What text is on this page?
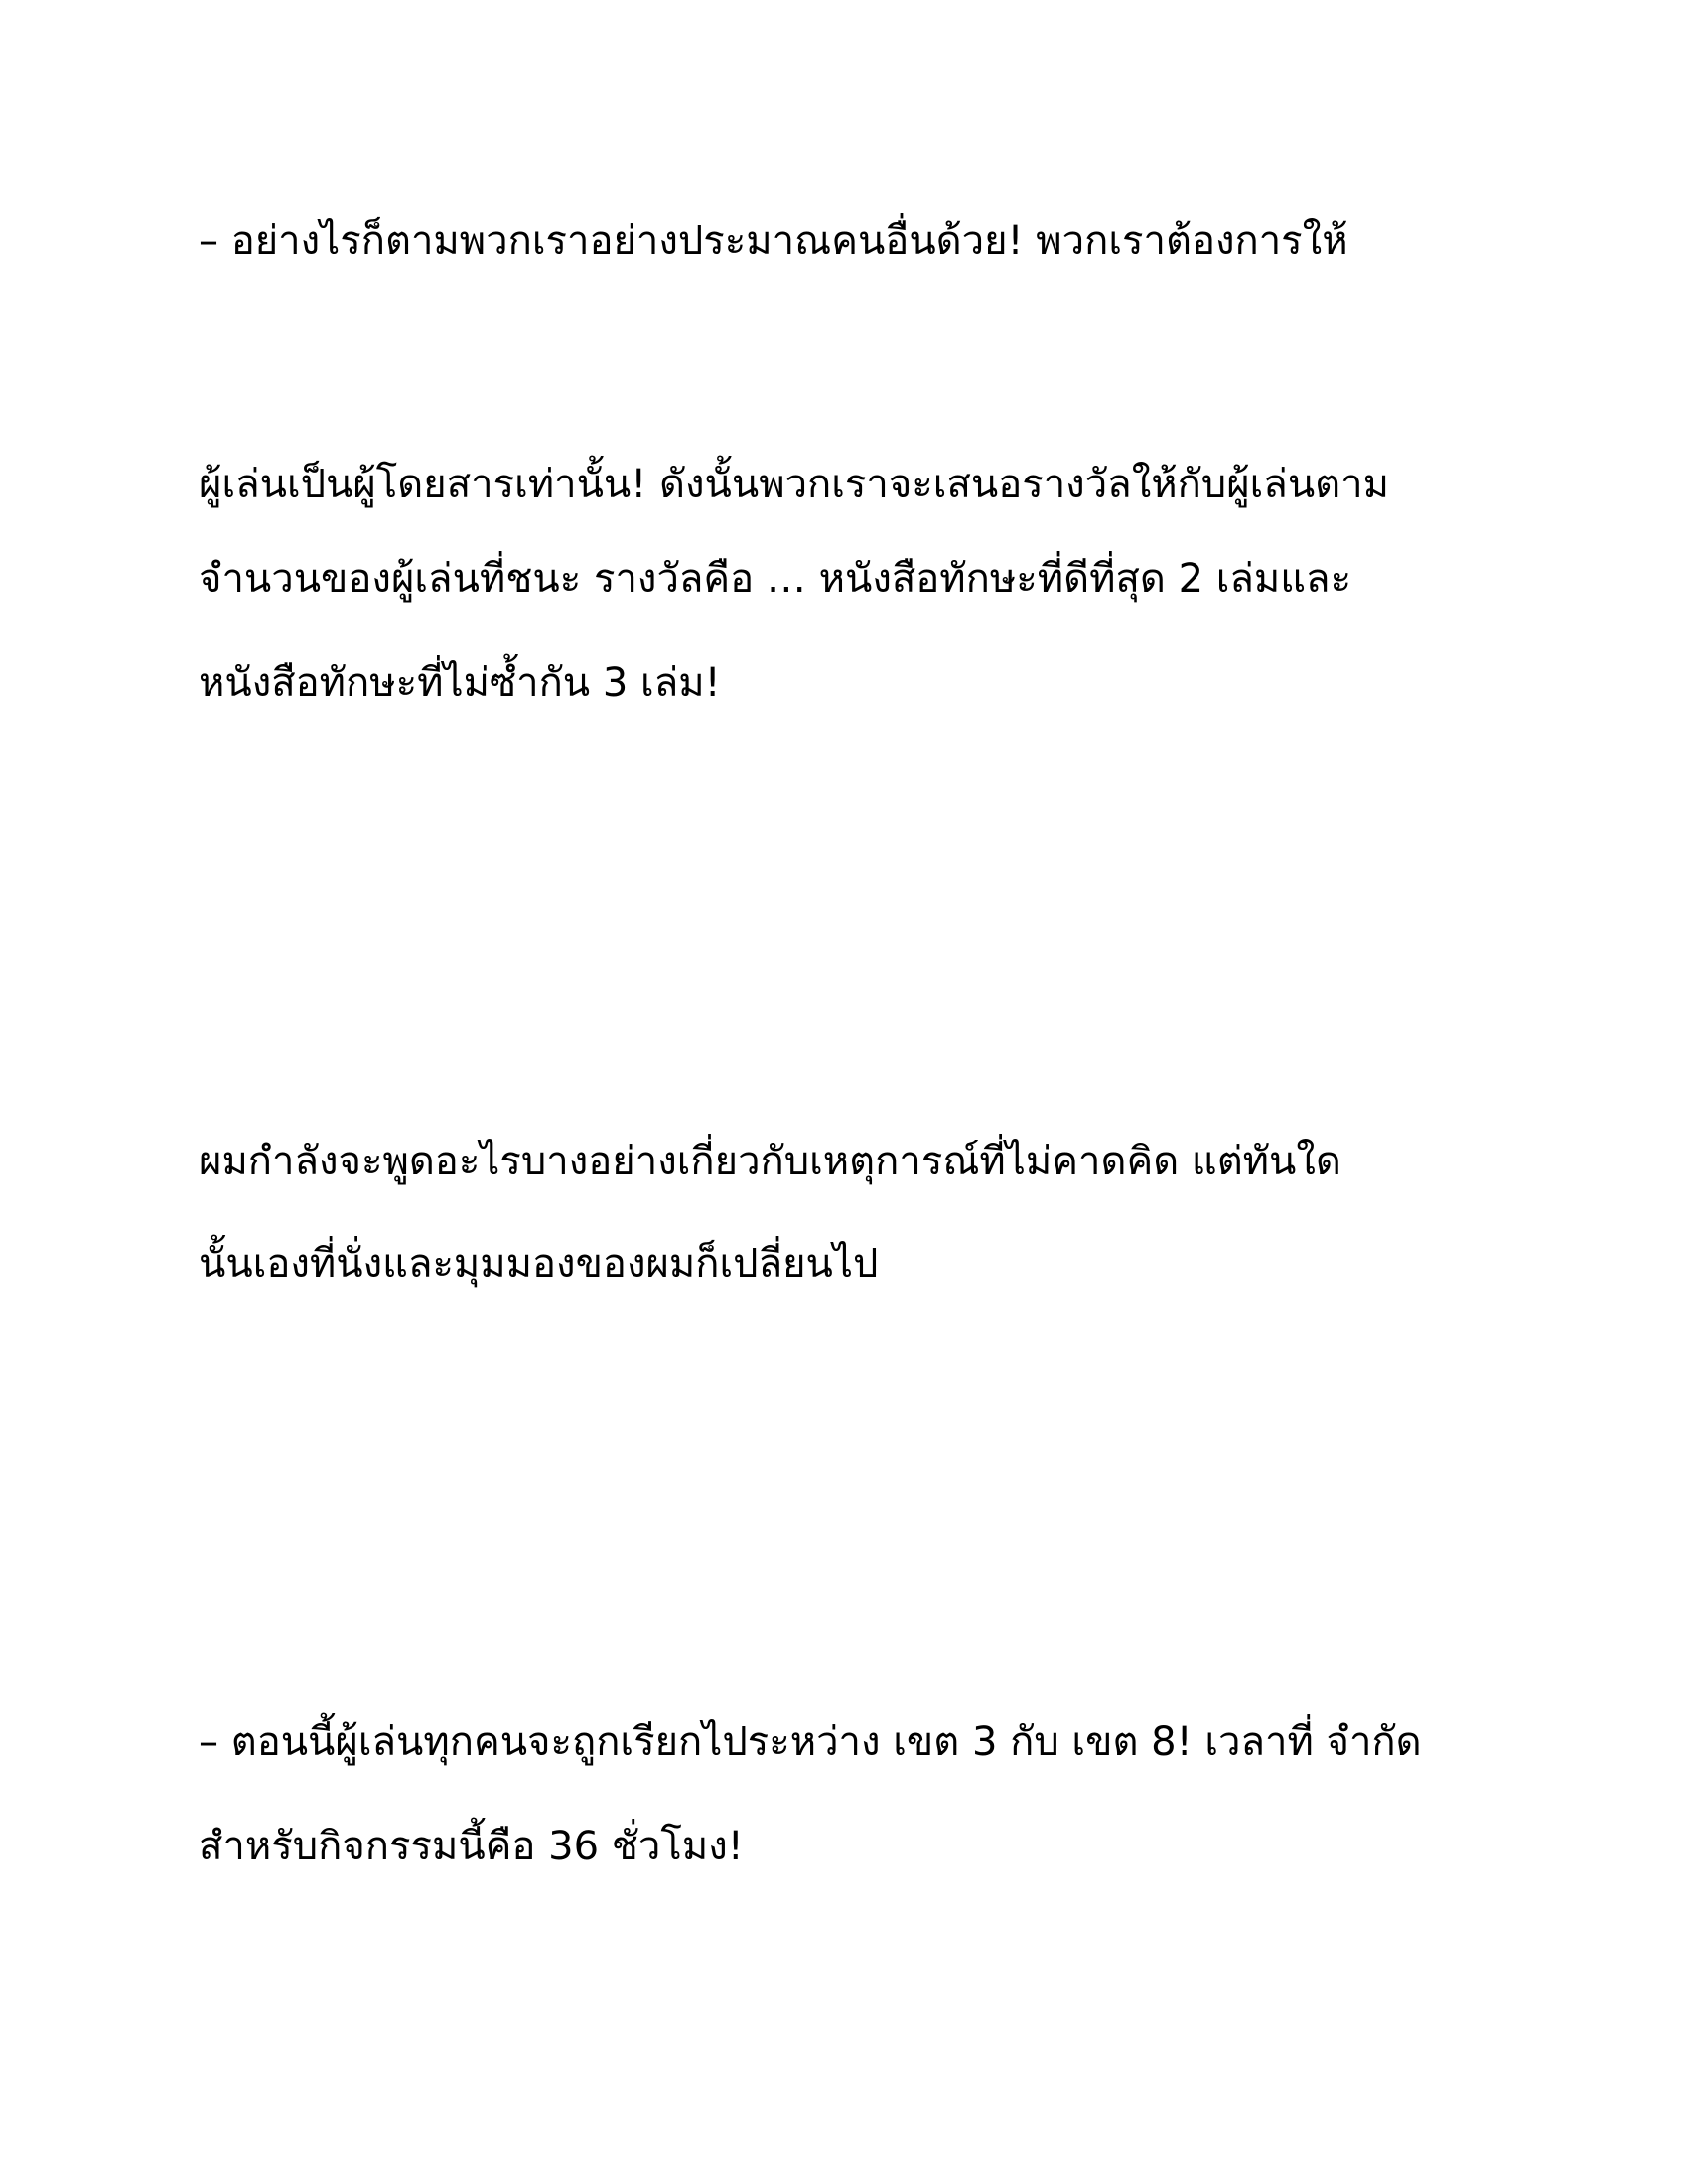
– อย่างไรก็ตามพวกเราอย่างประมาณคนอื่นด้วย! พวกเราต้องการให้
ผู้เล่นเป็นผู้โดยสารเท่านั้น! ดังนั้นพวกเราจะเสนอรางวัลให้กับผู้เล่นตาม
จำนวนของผู้เล่นที่ชนะ รางวัลคือ … หนังสือทักษะที่ดีที่สุด 2 เล่มและ
หนังสือทักษะที่ไม่ซ้ำกัน 3 เล่ม!
ผมกำลังจะพูดอะไรบางอย่างเกี่ยวกับเหตุการณ์ที่ไม่คาดคิด แต่ทันใด
นั้นเองที่นั่งและมุมมองของผมก็เปลี่ยนไป
– ตอนนี้ผู้เล่นทุกคนจะถูกเรียกไประหว่าง เขต 3 กับ เขต 8! เวลาที่ จำกัด
สำหรับกิจกรรมนี้คือ 36 ชั่วโมง!
